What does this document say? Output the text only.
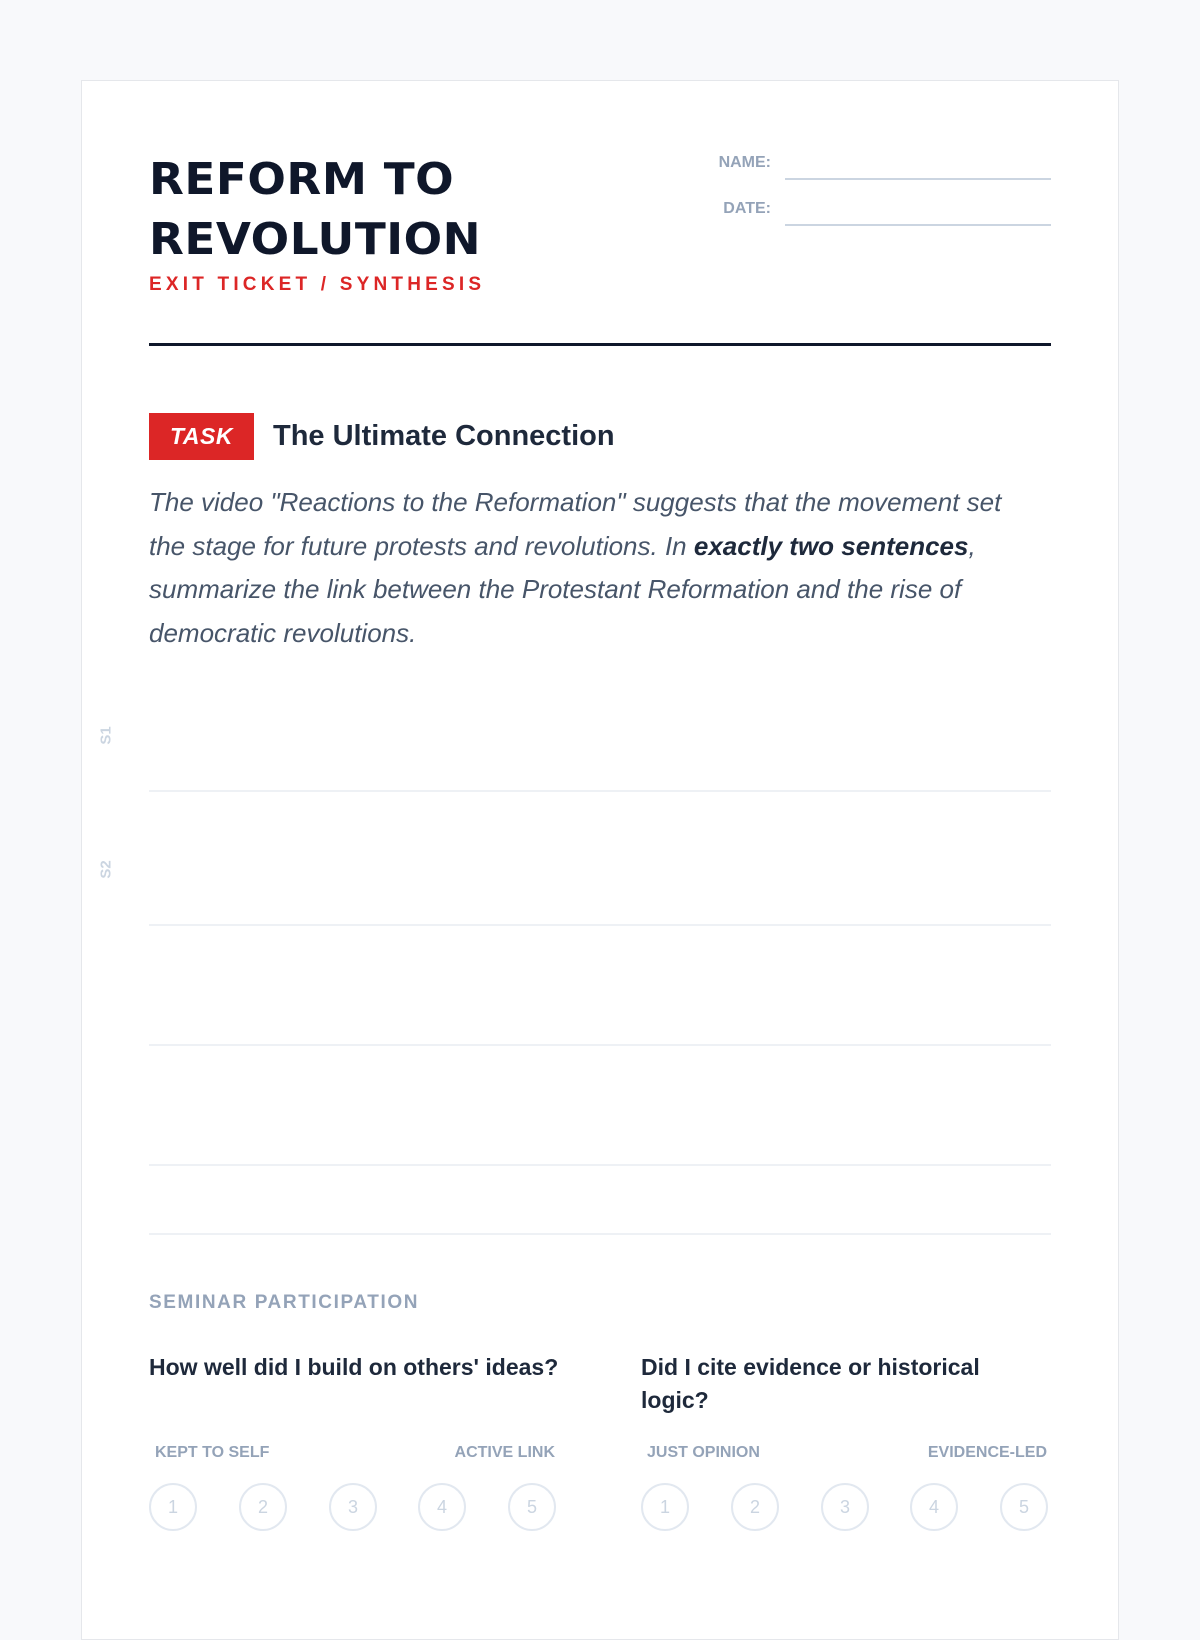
REFORM TO
REVOLUTION
EXIT TICKET / SYNTHESIS
NAME:
DATE:
TASK	The Ultimate Connection

The video "Reactions to the Reformation" suggests that the movement set the stage for future protests and revolutions. In exactly two sentences, summarize the link between the Protestant Reformation and the rise of democratic revolutions.

S1
S2
SEMINAR PARTICIPATION

How well did I build on others' ideas?

KEPT TO SELF	ACTIVE LINK
1	2	3	4	5

Did I cite evidence or historical logic?

JUST OPINION	EVIDENCE-LED
1	2	3	4	5
